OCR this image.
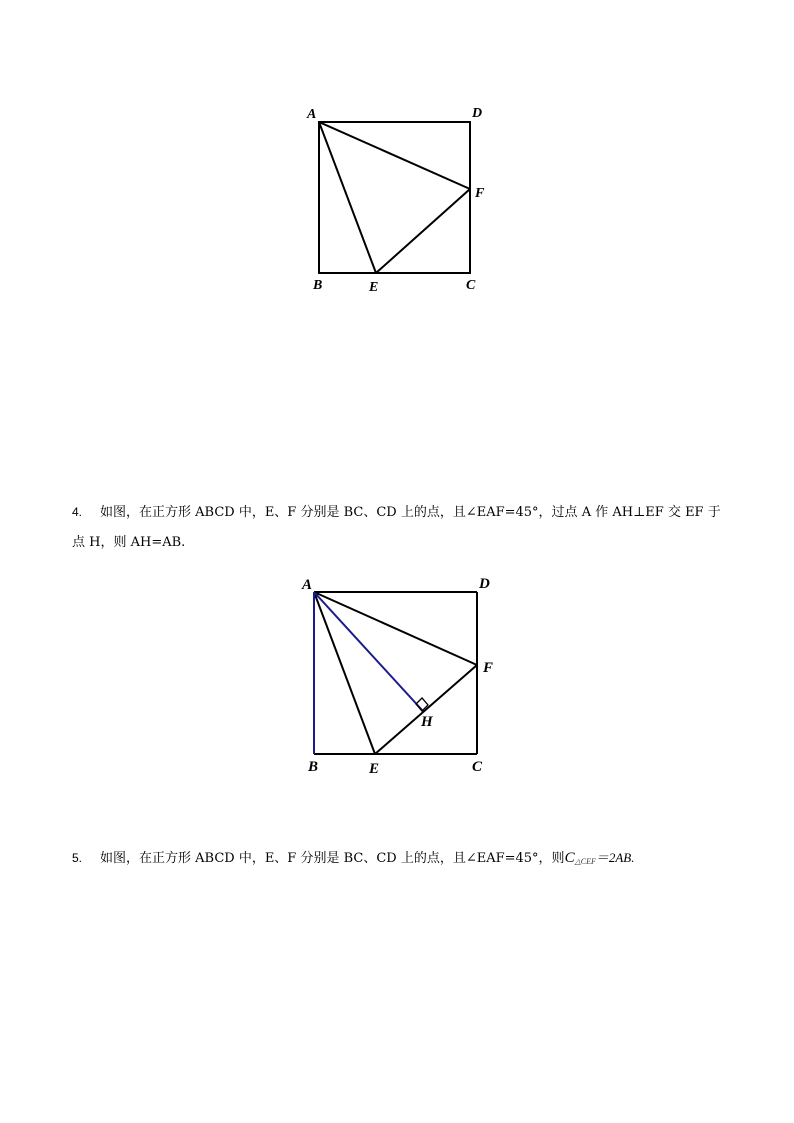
A	D
F
B	E	C
A	D
F
H
B	E	C
4. 如图，在正方形 ABCD 中，E、F 分别是 BC、CD 上的点，且∠EAF=45°，过点 A 作 AH⊥EF 交 EF 于
点 H，则 AH=AB.
5. 如图，在正方形 ABCD 中，E、F 分别是 BC、CD 上的点，且∠EAF=45°，则$C_{\triangle CEF}=2AB$.
